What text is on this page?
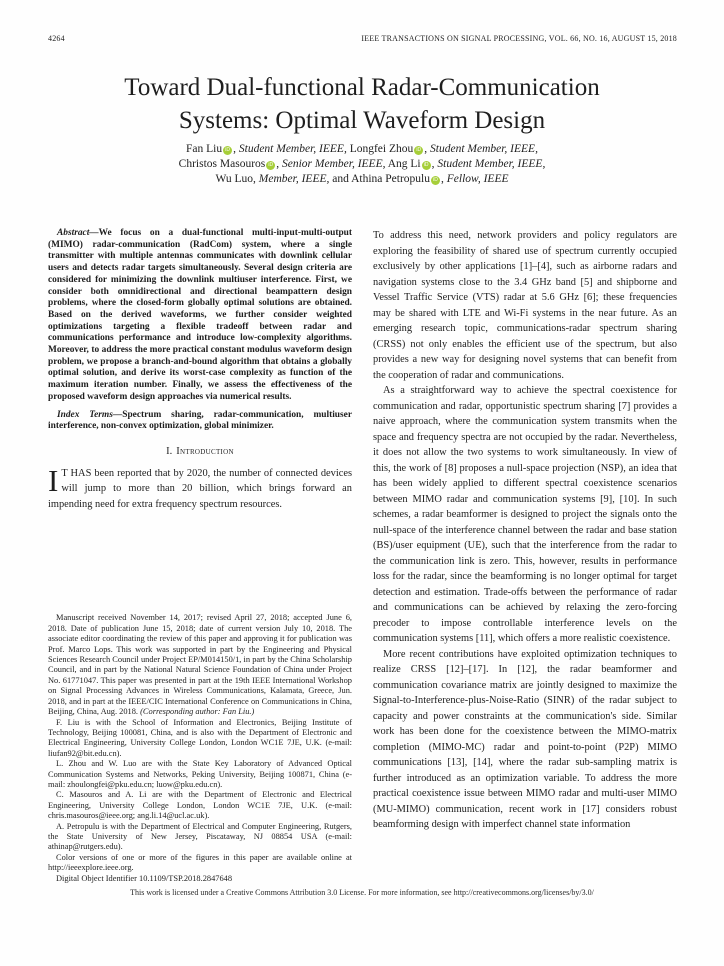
4264	IEEE TRANSACTIONS ON SIGNAL PROCESSING, VOL. 66, NO. 16, AUGUST 15, 2018
Toward Dual-functional Radar-Communication
Systems: Optimal Waveform Design
Fan Liu iD , Student Member, IEEE, Longfei Zhou iD , Student Member, IEEE,
Christos Masouros iD , Senior Member, IEEE, Ang Li iD , Student Member, IEEE,
Wu Luo, Member, IEEE, and Athina Petropulu iD , Fellow, IEEE

Abstract—We focus on a dual-functional multi-input-multi-output (MIMO) radar-communication (RadCom) system, where a single transmitter with multiple antennas communicates with downlink cellular users and detects radar targets simultaneously. Several design criteria are considered for minimizing the downlink multiuser interference. First, we consider both omnidirectional and directional beampattern design problems, where the closed-form globally optimal solutions are obtained. Based on the derived waveforms, we further consider weighted optimizations targeting a flexible tradeoff between radar and communications performance and introduce low-complexity algorithms. Moreover, to address the more practical constant modulus waveform design problem, we propose a branch-and-bound algorithm that obtains a globally optimal solution, and derive its worst-case complexity as function of the maximum iteration number. Finally, we assess the effectiveness of the proposed waveform design approaches via numerical results.

Index Terms—Spectrum sharing, radar-communication, multiuser interference, non-convex optimization, global minimizer.

I. Introduction

I T HAS been reported that by 2020, the number of connected devices will jump to more than 20 billion, which brings forward an impending need for extra frequency spectrum resources.

Manuscript received November 14, 2017; revised April 27, 2018; accepted June 6, 2018. Date of publication June 15, 2018; date of current version July 10, 2018. The associate editor coordinating the review of this paper and approving it for publication was Prof. Marco Lops. This work was supported in part by the Engineering and Physical Sciences Research Council under Project EP/M014150/1, in part by the China Scholarship Council, and in part by the National Natural Science Foundation of China under Project No. 61771047. This paper was presented in part at the 19th IEEE International Workshop on Signal Processing Advances in Wireless Communications, Kalamata, Greece, Jun. 2018, and in part at the IEEE/CIC International Conference on Communications in China, Beijing, China, Aug. 2018. (Corresponding author: Fan Liu.)

F. Liu is with the School of Information and Electronics, Beijing Institute of Technology, Beijing 100081, China, and is also with the Department of Electronic and Electrical Engineering, University College London, London WC1E 7JE, U.K. (e-mail: liufan92@bit.edu.cn).

L. Zhou and W. Luo are with the State Key Laboratory of Advanced Optical Communication Systems and Networks, Peking University, Beijing 100871, China (e-mail: zhoulongfei@pku.edu.cn; luow@pku.edu.cn).

C. Masouros and A. Li are with the Department of Electronic and Electrical Engineering, University College London, London WC1E 7JE, U.K. (e-mail: chris.masouros@ieee.org; ang.li.14@ucl.ac.uk).

A. Petropulu is with the Department of Electrical and Computer Engineering, Rutgers, the State University of New Jersey, Piscataway, NJ 08854 USA (e-mail: athinap@rutgers.edu).

Color versions of one or more of the figures in this paper are available online at http://ieeexplore.ieee.org.

Digital Object Identifier 10.1109/TSP.2018.2847648

To address this need, network providers and policy regulators are exploring the feasibility of shared use of spectrum currently occupied exclusively by other applications [1]–[4], such as airborne radars and navigation systems close to the 3.4 GHz band [5] and shipborne and Vessel Traffic Service (VTS) radar at 5.6 GHz [6]; these frequencies may be shared with LTE and Wi-Fi systems in the near future. As an emerging research topic, communications-radar spectrum sharing (CRSS) not only enables the efficient use of the spectrum, but also provides a new way for designing novel systems that can benefit from the cooperation of radar and communications.

As a straightforward way to achieve the spectral coexistence for communication and radar, opportunistic spectrum sharing [7] provides a naive approach, where the communication system transmits when the space and frequency spectra are not occupied by the radar. Nevertheless, it does not allow the two systems to work simultaneously. In view of this, the work of [8] proposes a null-space projection (NSP), an idea that has been widely applied to different spectral coexistence scenarios between MIMO radar and communication systems [9], [10]. In such schemes, a radar beamformer is designed to project the signals onto the null-space of the interference channel between the radar and base station (BS)/user equipment (UE), such that the interference from the radar to the communication link is zero. This, however, results in performance loss for the radar, since the beamforming is no longer optimal for target detection and estimation. Trade-offs between the performance of radar and communications can be achieved by relaxing the zero-forcing precoder to impose controllable interference levels on the communication systems [11], which offers a more realistic coexistence.

More recent contributions have exploited optimization techniques to realize CRSS [12]–[17]. In [12], the radar beamformer and communication covariance matrix are jointly designed to maximize the Signal-to-Interference-plus-Noise-Ratio (SINR) of the radar subject to capacity and power constraints at the communication's side. Similar work has been done for the coexistence between the MIMO-matrix completion (MIMO-MC) radar and point-to-point (P2P) MIMO communications [13], [14], where the radar sub-sampling matrix is further introduced as an optimization variable. To address the more practical coexistence issue between MIMO radar and multi-user MIMO (MU-MIMO) communication, recent work in [17] considers robust beamforming design with imperfect channel state information

This work is licensed under a Creative Commons Attribution 3.0 License. For more information, see http://creativecommons.org/licenses/by/3.0/
